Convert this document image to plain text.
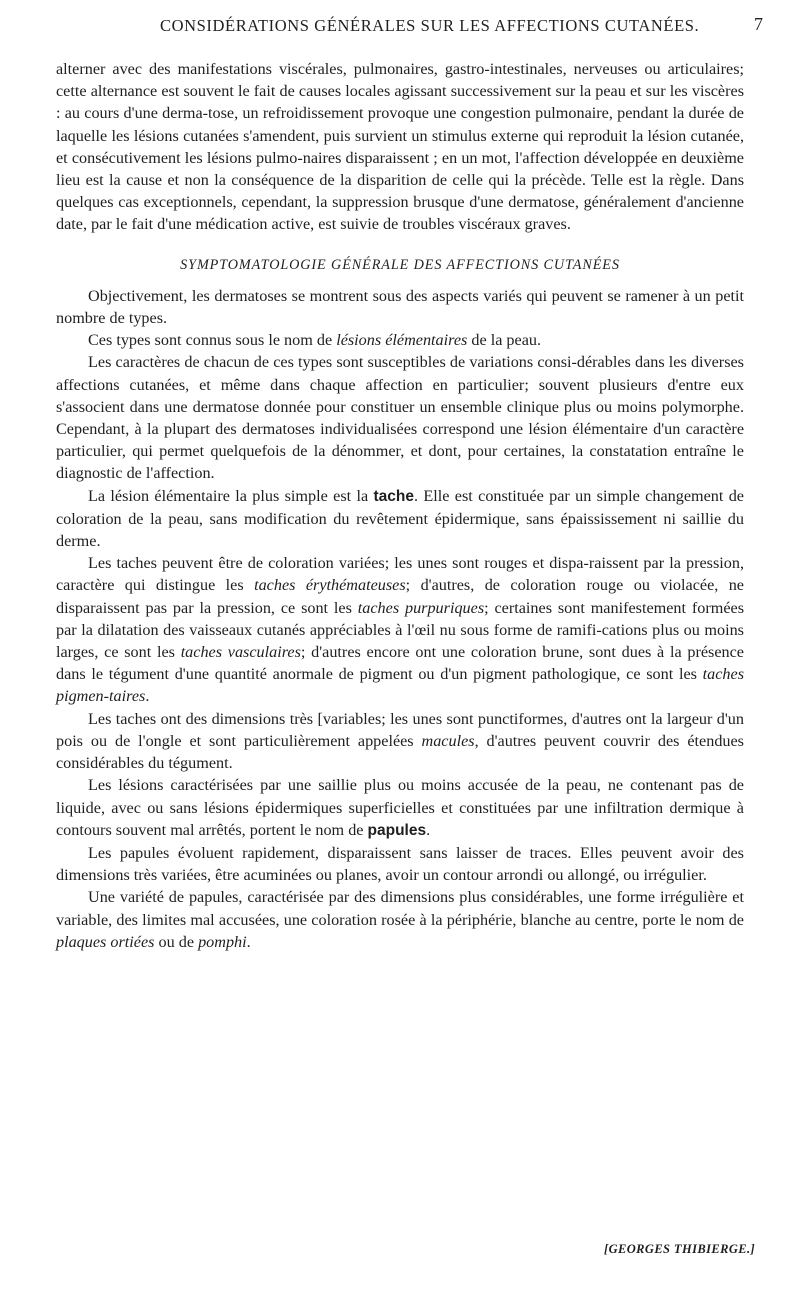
CONSIDÉRATIONS GÉNÉRALES SUR LES AFFECTIONS CUTANÉES.	7

alterner avec des manifestations viscérales, pulmonaires, gastro-intestinales, nerveuses ou articulaires; cette alternance est souvent le fait de causes locales agissant successivement sur la peau et sur les viscères : au cours d'une derma-tose, un refroidissement provoque une congestion pulmonaire, pendant la durée de laquelle les lésions cutanées s'amendent, puis survient un stimulus externe qui reproduit la lésion cutanée, et consécutivement les lésions pulmo-naires disparaissent ; en un mot, l'affection développée en deuxième lieu est la cause et non la conséquence de la disparition de celle qui la précède. Telle est la règle. Dans quelques cas exceptionnels, cependant, la suppression brusque d'une dermatose, généralement d'ancienne date, par le fait d'une médication active, est suivie de troubles viscéraux graves.

SYMPTOMATOLOGIE GÉNÉRALE DES AFFECTIONS CUTANÉES

Objectivement, les dermatoses se montrent sous des aspects variés qui peuvent se ramener à un petit nombre de types.

Ces types sont connus sous le nom de lésions élémentaires de la peau.

Les caractères de chacun de ces types sont susceptibles de variations consi-dérables dans les diverses affections cutanées, et même dans chaque affection en particulier; souvent plusieurs d'entre eux s'associent dans une dermatose donnée pour constituer un ensemble clinique plus ou moins polymorphe. Cependant, à la plupart des dermatoses individualisées correspond une lésion élémentaire d'un caractère particulier, qui permet quelquefois de la dénommer, et dont, pour certaines, la constatation entraîne le diagnostic de l'affection.

La lésion élémentaire la plus simple est la tache. Elle est constituée par un simple changement de coloration de la peau, sans modification du revêtement épidermique, sans épaississement ni saillie du derme.

Les taches peuvent être de coloration variées; les unes sont rouges et dispa-raissent par la pression, caractère qui distingue les taches érythémateuses; d'autres, de coloration rouge ou violacée, ne disparaissent pas par la pression, ce sont les taches purpuriques; certaines sont manifestement formées par la dilatation des vaisseaux cutanés appréciables à l'œil nu sous forme de ramifi-cations plus ou moins larges, ce sont les taches vasculaires; d'autres encore ont une coloration brune, sont dues à la présence dans le tégument d'une quantité anormale de pigment ou d'un pigment pathologique, ce sont les taches pigmen-taires.

Les taches ont des dimensions très [variables; les unes sont punctiformes, d'autres ont la largeur d'un pois ou de l'ongle et sont particulièrement appelées macules, d'autres peuvent couvrir des étendues considérables du tégument.

Les lésions caractérisées par une saillie plus ou moins accusée de la peau, ne contenant pas de liquide, avec ou sans lésions épidermiques superficielles et constituées par une infiltration dermique à contours souvent mal arrêtés, portent le nom de papules.

Les papules évoluent rapidement, disparaissent sans laisser de traces. Elles peuvent avoir des dimensions très variées, être acuminées ou planes, avoir un contour arrondi ou allongé, ou irrégulier.

Une variété de papules, caractérisée par des dimensions plus considérables, une forme irrégulière et variable, des limites mal accusées, une coloration rosée à la périphérie, blanche au centre, porte le nom de plaques ortiées ou de pomphi.

[GEORGES THIBIERGE.]
